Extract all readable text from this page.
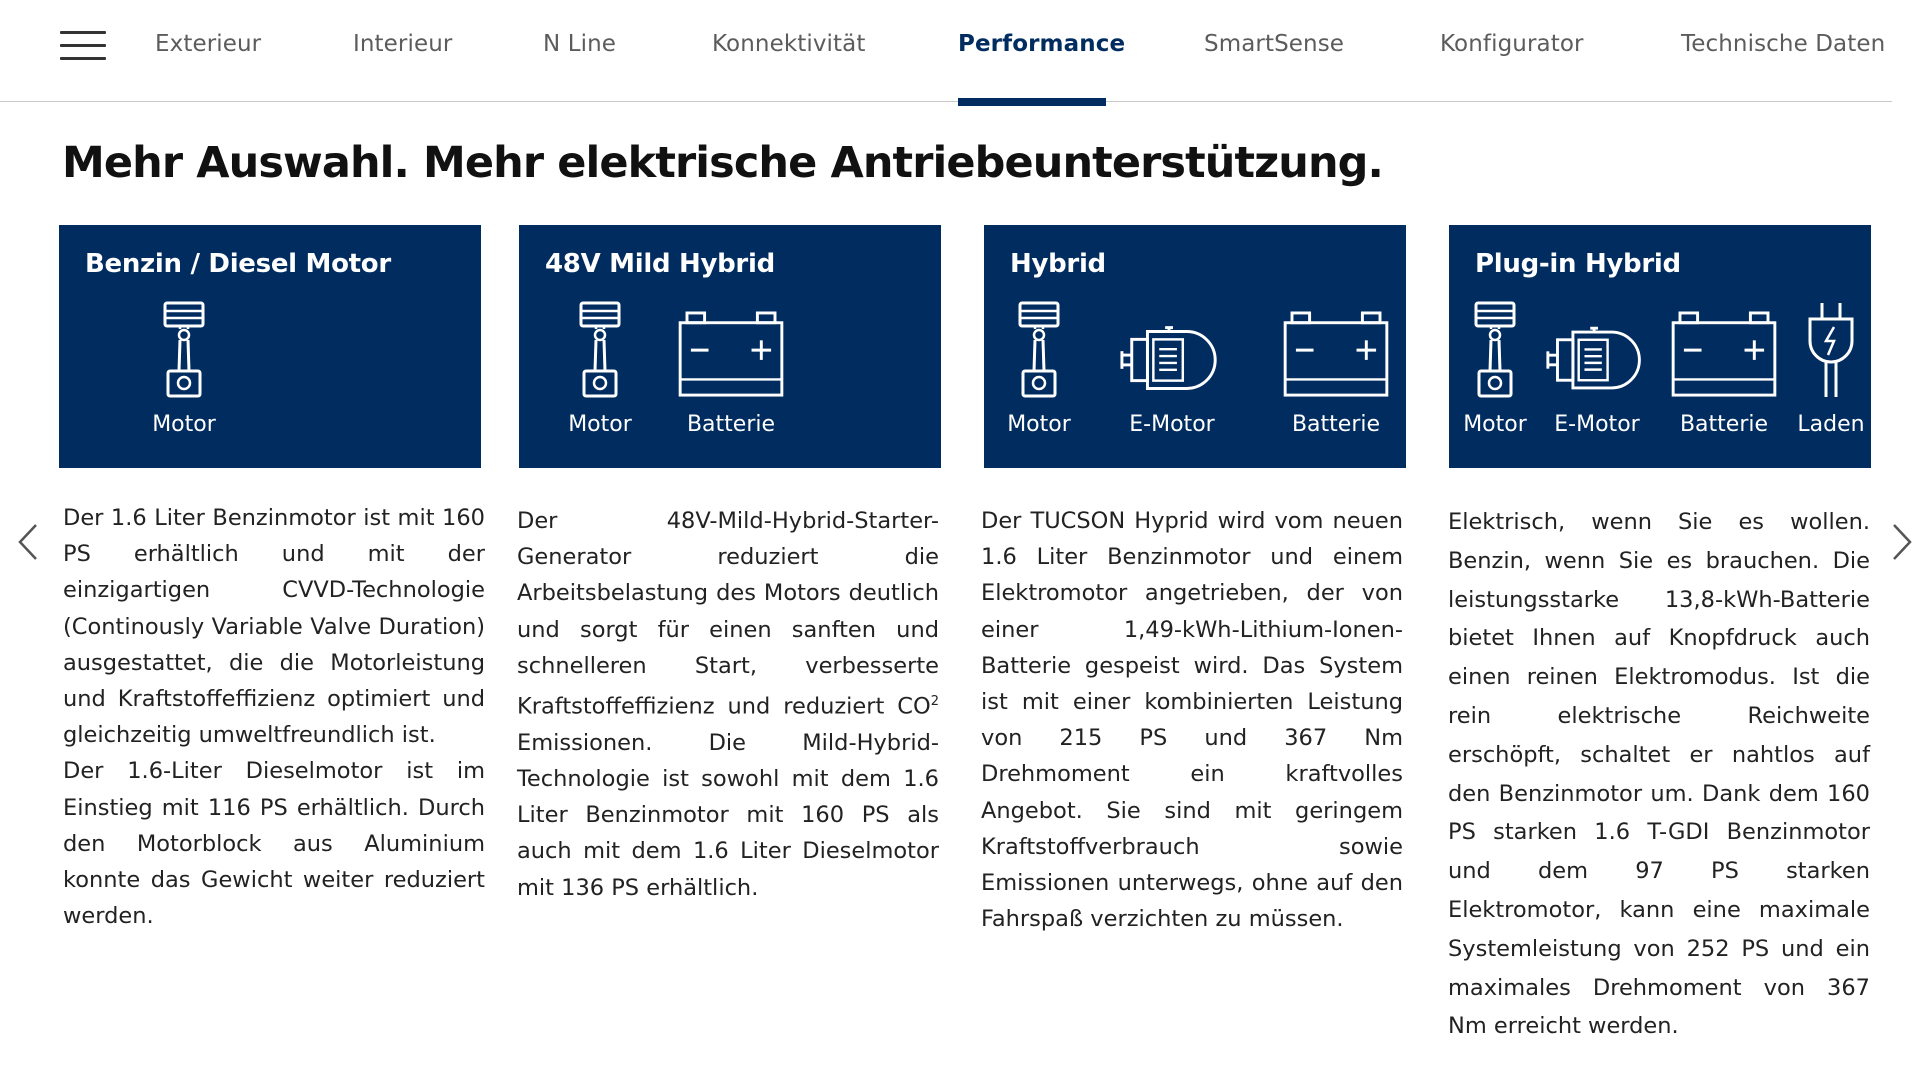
Exterieur	Interieur	N Line	Konnektivität	Performance	SmartSense	Konfigurator	Technische Daten
Mehr Auswahl. Mehr elektrische Antriebeunterstützung.
Benzin / Diesel Motor
Motor
48V Mild Hybrid
Motor	Batterie
Hybrid
Motor	E-Motor	Batterie
Plug-in Hybrid
Motor	E-Motor	Batterie	Laden

Der 1.6 Liter Benzinmotor ist mit 160 PS erhältlich und mit der einzigartigen CVVD-Technologie (Continously Variable Valve Duration) ausgestattet, die die Motorleistung und Kraftstoffeffizienz optimiert und gleichzeitig umweltfreundlich ist.

Der 1.6-Liter Dieselmotor ist im Einstieg mit 116 PS erhältlich. Durch den Motorblock aus Aluminium konnte das Gewicht weiter reduziert werden.

Der 48V-Mild-Hybrid-Starter-Generator reduziert die Arbeitsbelastung des Motors deutlich und sorgt für einen sanften und schnelleren Start, verbesserte Kraftstoffeffizienz und reduziert $CO^2$ Emissionen. Die Mild-Hybrid-Technologie ist sowohl mit dem 1.6 Liter Benzinmotor mit 160 PS als auch mit dem 1.6 Liter Dieselmotor mit 136 PS erhältlich.

Der TUCSON Hyprid wird vom neuen 1.6 Liter Benzinmotor und einem Elektromotor angetrieben, der von einer 1,49-kWh-Lithium-Ionen-Batterie gespeist wird. Das System ist mit einer kombinierten Leistung von 215 PS und 367 Nm Drehmoment ein kraftvolles Angebot. Sie sind mit geringem Kraftstoffverbrauch sowie Emissionen unterwegs, ohne auf den Fahrspaß verzichten zu müssen.

Elektrisch, wenn Sie es wollen. Benzin, wenn Sie es brauchen. Die leistungsstarke 13,8-kWh-Batterie bietet Ihnen auf Knopfdruck auch einen reinen Elektromodus. Ist die rein elektrische Reichweite erschöpft, schaltet er nahtlos auf den Benzinmotor um. Dank dem 160 PS starken 1.6 T-GDI Benzinmotor und dem 97 PS starken Elektromotor, kann eine maximale Systemleistung von 252 PS und ein maximales Drehmoment von 367 Nm erreicht werden.
